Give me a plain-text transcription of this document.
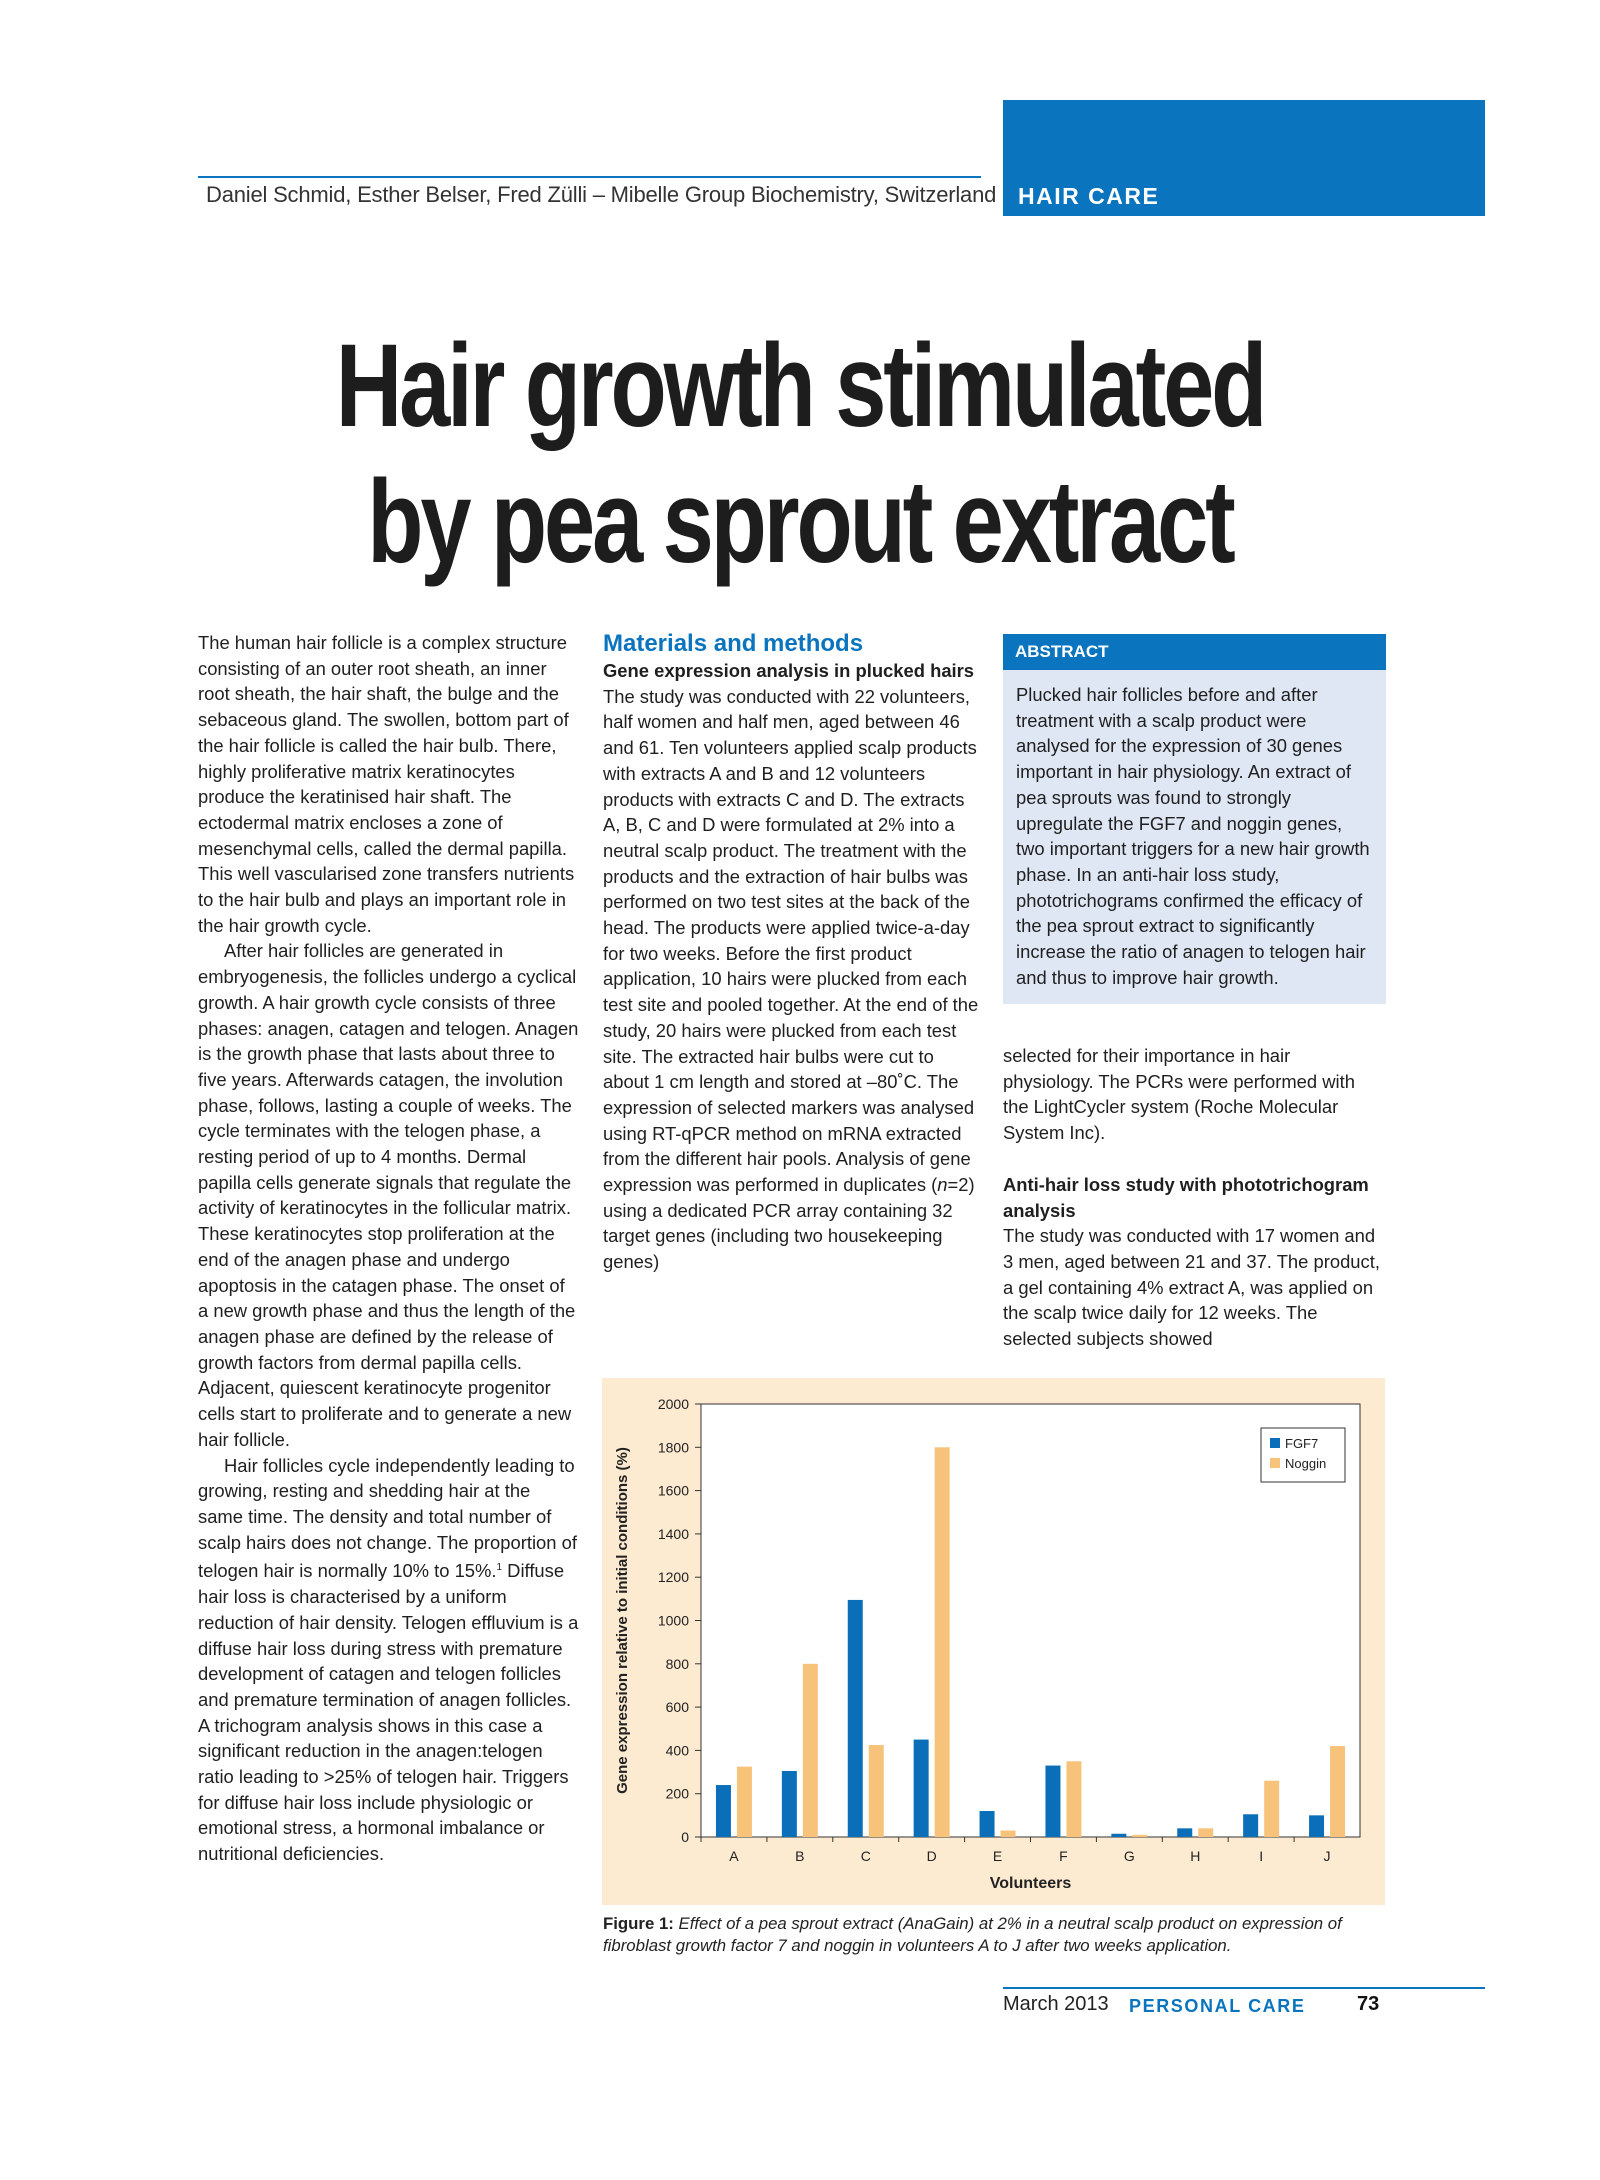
Daniel Schmid, Esther Belser, Fred Zülli – Mibelle Group Biochemistry, Switzerland HAIR CARE
Hair growth stimulated
by pea sprout extract

The human hair follicle is a complex structure consisting of an outer root sheath, an inner root sheath, the hair shaft, the bulge and the sebaceous gland. The swollen, bottom part of the hair follicle is called the hair bulb. There, highly proliferative matrix keratinocytes produce the keratinised hair shaft. The ectodermal matrix encloses a zone of mesenchymal cells, called the dermal papilla. This well vascularised zone transfers nutrients to the hair bulb and plays an important role in the hair growth cycle.

After hair follicles are generated in embryogenesis, the follicles undergo a cyclical growth. A hair growth cycle consists of three phases: anagen, catagen and telogen. Anagen is the growth phase that lasts about three to five years. Afterwards catagen, the involution phase, follows, lasting a couple of weeks. The cycle terminates with the telogen phase, a resting period of up to 4 months. Dermal papilla cells generate signals that regulate the activity of keratinocytes in the follicular matrix. These keratinocytes stop proliferation at the end of the anagen phase and undergo apoptosis in the catagen phase. The onset of a new growth phase and thus the length of the anagen phase are defined by the release of growth factors from dermal papilla cells. Adjacent, quiescent keratinocyte progenitor cells start to proliferate and to generate a new hair follicle.

Hair follicles cycle independently leading to growing, resting and shedding hair at the same time. The density and total number of scalp hairs does not change. The proportion of telogen hair is normally 10% to 15%.$^1$ Diffuse hair loss is characterised by a uniform reduction of hair density. Telogen effluvium is a diffuse hair loss during stress with premature development of catagen and telogen follicles and premature termination of anagen follicles. A trichogram analysis shows in this case a significant reduction in the anagen:telogen ratio leading to >25% of telogen hair. Triggers for diffuse hair loss include physiologic or emotional stress, a hormonal imbalance or nutritional deficiencies.

Materials and methods

Gene expression analysis in plucked hairs

The study was conducted with 22 volunteers, half women and half men, aged between 46 and 61. Ten volunteers applied scalp products with extracts A and B and 12 volunteers products with extracts C and D. The extracts A, B, C and D were formulated at 2% into a neutral scalp product. The treatment with the products and the extraction of hair bulbs was performed on two test sites at the back of the head. The products were applied twice-a-day for two weeks. Before the first product application, 10 hairs were plucked from each test site and pooled together. At the end of the study, 20 hairs were plucked from each test site. The extracted hair bulbs were cut to about 1 cm length and stored at –80˚C. The expression of selected markers was analysed using RT-qPCR method on mRNA extracted from the different hair pools. Analysis of gene expression was performed in duplicates (n=2) using a dedicated PCR array containing 32 target genes (including two housekeeping genes)

ABSTRACT
Plucked hair follicles before and after treatment with a scalp product were analysed for the expression of 30 genes important in hair physiology. An extract of pea sprouts was found to strongly upregulate the FGF7 and noggin genes, two important triggers for a new hair growth phase. In an anti-hair loss study, phototrichograms confirmed the efficacy of the pea sprout extract to significantly increase the ratio of anagen to telogen hair and thus to improve hair growth.

selected for their importance in hair physiology. The PCRs were performed with the LightCycler system (Roche Molecular System Inc).

Anti-hair loss study with phototrichogram analysis

The study was conducted with 17 women and 3 men, aged between 21 and 37. The product, a gel containing 4% extract A, was applied on the scalp twice daily for 12 weeks. The selected subjects showed

0
200
400
600
800
1000
1200
1400
1600
1800
2000
A	B	C	D	E	F	G	H	I	J
Volunteers
Gene expression relative to initial conditions (%)
FGF7
Noggin
Figure 1: Effect of a pea sprout extract (AnaGain) at 2% in a neutral scalp product on expression of fibroblast growth factor 7 and noggin in volunteers A to J after two weeks application.
March 2013 PERSONAL CARE	73
